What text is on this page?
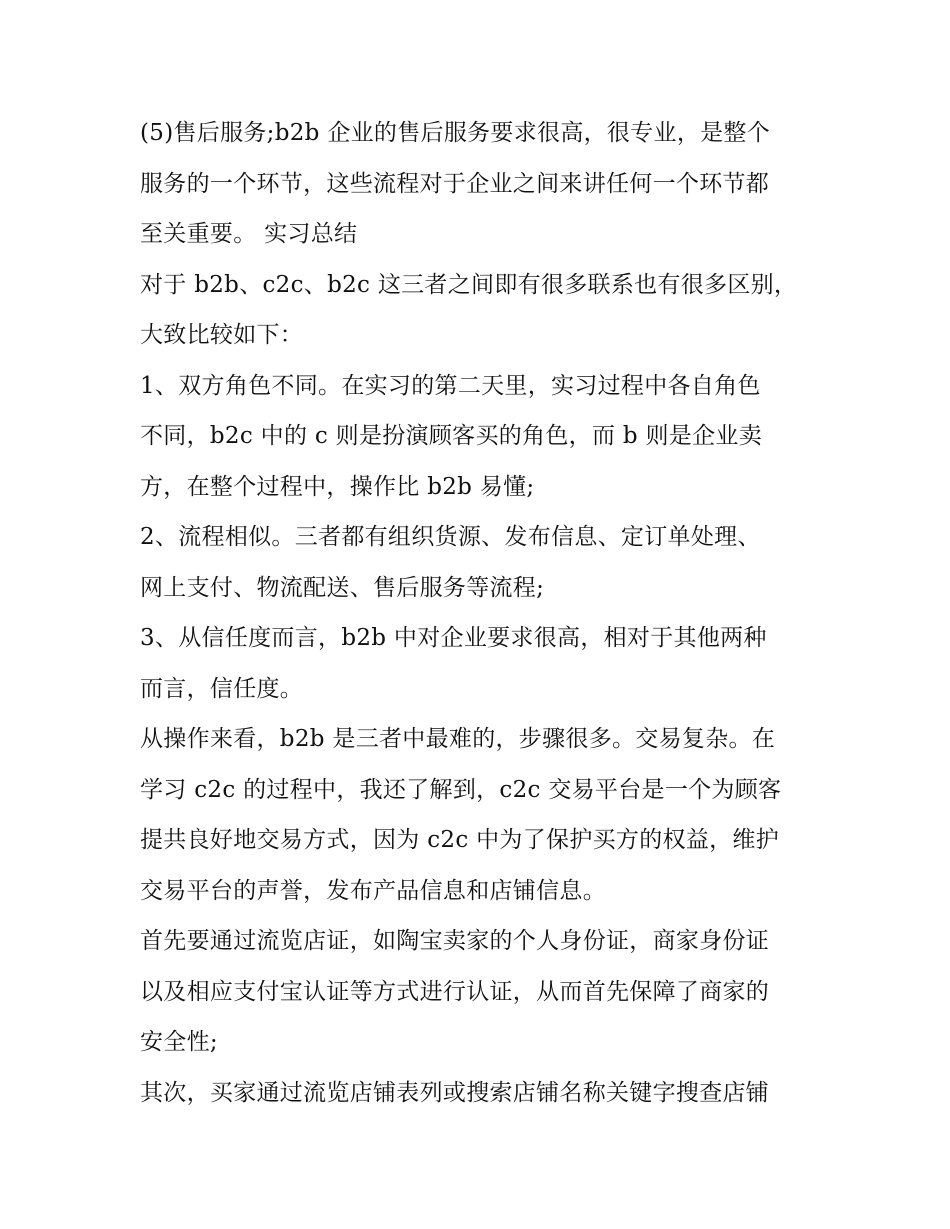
(5)售后服务;b2b 企业的售后服务要求很高，很专业，是整个
服务的一个环节，这些流程对于企业之间来讲任何一个环节都
至关重要。 实习总结
对于 b2b、c2c、b2c 这三者之间即有很多联系也有很多区别，
大致比较如下：
1、双方角色不同。在实习的第二天里，实习过程中各自角色
不同，b2c 中的 c 则是扮演顾客买的角色，而 b 则是企业卖
方，在整个过程中，操作比 b2b 易懂;
2、流程相似。三者都有组织货源、发布信息、定订单处理、
网上支付、物流配送、售后服务等流程;
3、从信任度而言，b2b 中对企业要求很高，相对于其他两种
而言，信任度。
从操作来看，b2b 是三者中最难的，步骤很多。交易复杂。在
学习 c2c 的过程中，我还了解到，c2c 交易平台是一个为顾客
提共良好地交易方式，因为 c2c 中为了保护买方的权益，维护
交易平台的声誉，发布产品信息和店铺信息。
首先要通过流览店证，如陶宝卖家的个人身份证，商家身份证
以及相应支付宝认证等方式进行认证，从而首先保障了商家的
安全性;
其次，买家通过流览店铺表列或搜索店铺名称关键字搜查店铺
